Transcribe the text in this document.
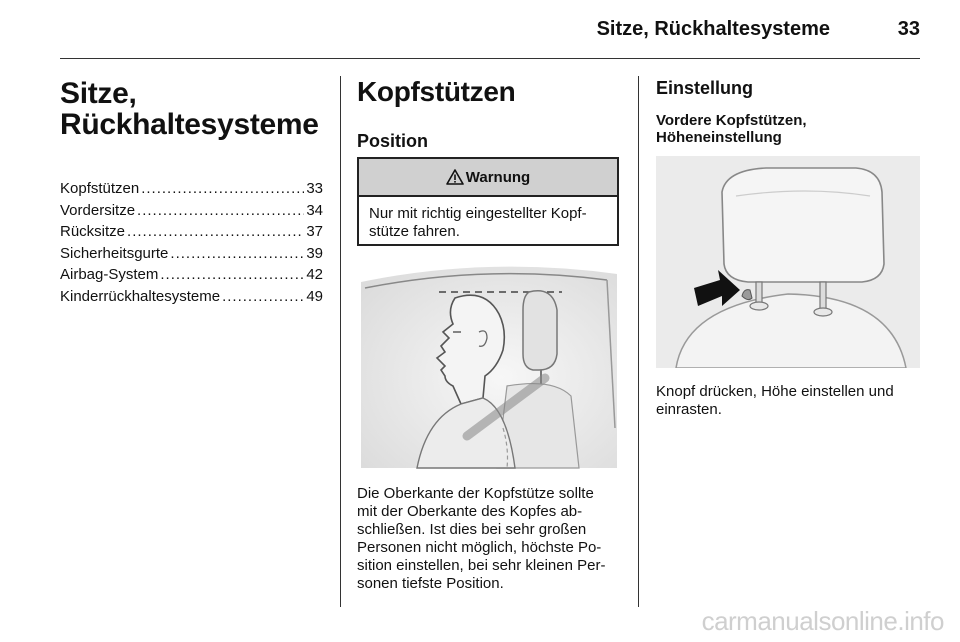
Sitze, Rückhaltesysteme	33
Sitze,
Rückhaltesysteme
Kopfstützen .....	33
Vordersitze .....	34
Rücksitze .....	37
Sicherheitsgurte .....	39
Airbag-System .....	42
Kinderrückhaltesysteme .....	49
Kopfstützen
Position
Warnung
Nur mit richtig eingestellter Kopf-
stütze fahren.
Die Oberkante der Kopfstütze sollte
mit der Oberkante des Kopfes ab-
schließen. Ist dies bei sehr großen
Personen nicht möglich, höchste Po-
sition einstellen, bei sehr kleinen Per-
sonen tiefste Position.
Einstellung
Vordere Kopfstützen,
Höheneinstellung
Knopf drücken, Höhe einstellen und
einrasten.
carmanualsonline.info
